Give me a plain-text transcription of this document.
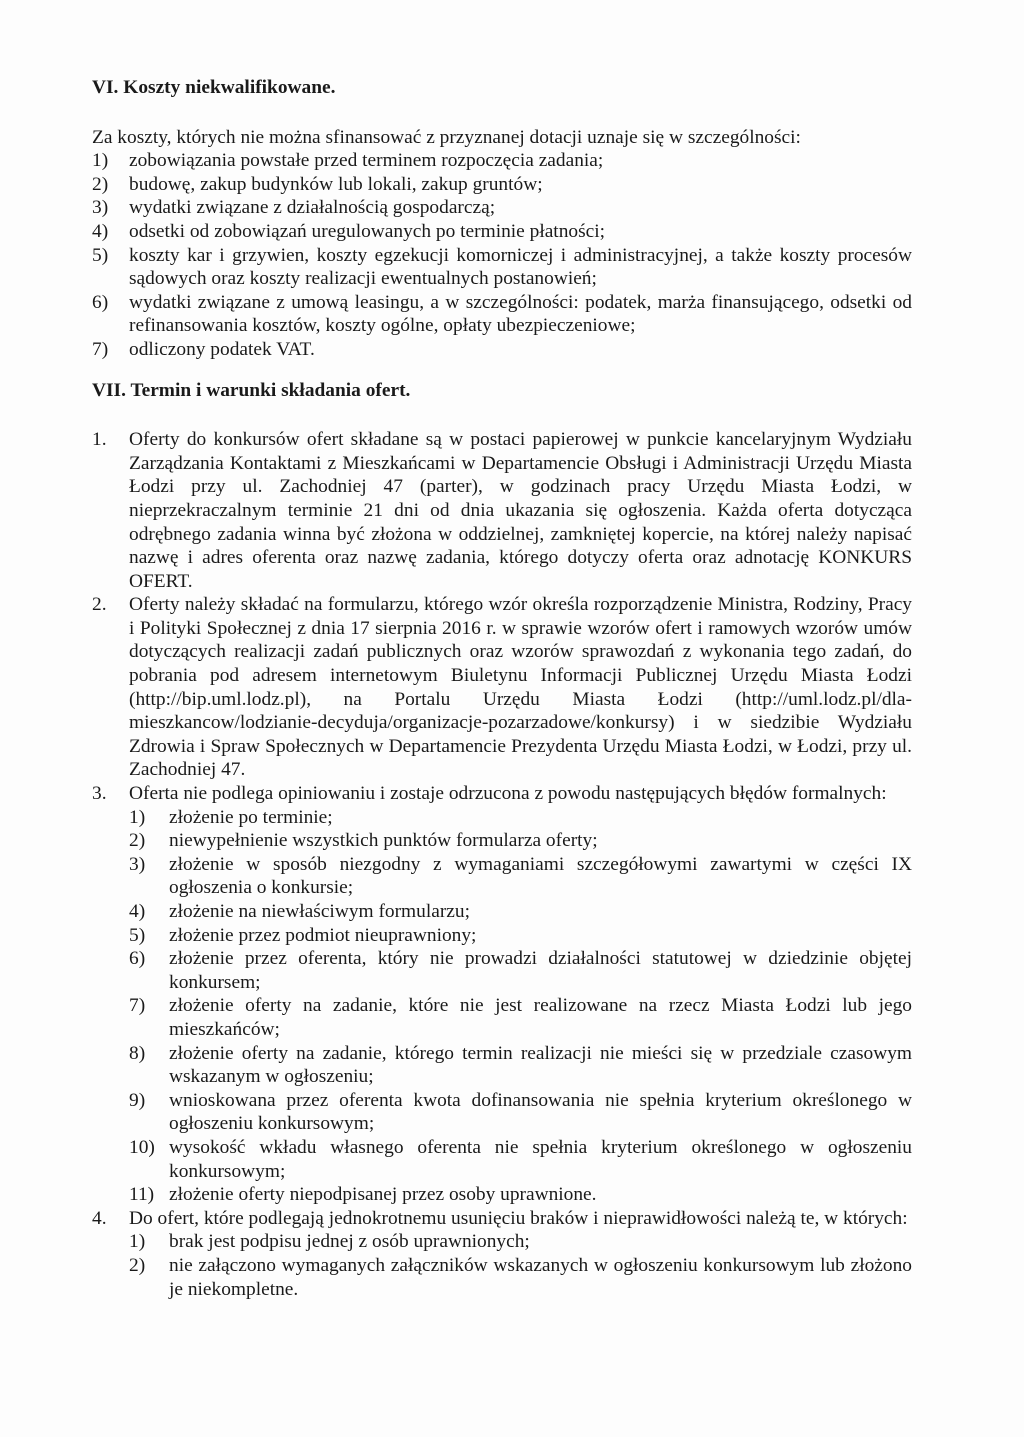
VI. Koszty niekwalifikowane.

Za koszty, których nie można sfinansować z przyznanej dotacji uznaje się w szczególności:

1) zobowiązania powstałe przed terminem rozpoczęcia zadania;
2) budowę, zakup budynków lub lokali, zakup gruntów;
3) wydatki związane z działalnością gospodarczą;
4) odsetki od zobowiązań uregulowanych po terminie płatności;
5) koszty kar i grzywien, koszty egzekucji komorniczej i administracyjnej, a także koszty procesów sądowych oraz koszty realizacji ewentualnych postanowień;
6) wydatki związane z umową leasingu, a w szczególności: podatek, marża finansującego, odsetki od refinansowania kosztów, koszty ogólne, opłaty ubezpieczeniowe;
7) odliczony podatek VAT.
VII. Termin i warunki składania ofert.
1. Oferty do konkursów ofert składane są w postaci papierowej w punkcie kancelaryjnym Wydziału Zarządzania Kontaktami z Mieszkańcami w Departamencie Obsługi i Administracji Urzędu Miasta Łodzi przy ul. Zachodniej 47 (parter), w godzinach pracy Urzędu Miasta Łodzi, w nieprzekraczalnym terminie 21 dni od dnia ukazania się ogłoszenia. Każda oferta dotycząca odrębnego zadania winna być złożona w oddzielnej, zamkniętej kopercie, na której należy napisać nazwę i adres oferenta oraz nazwę zadania, którego dotyczy oferta oraz adnotację KONKURS OFERT.
2. Oferty należy składać na formularzu, którego wzór określa rozporządzenie Ministra, Rodziny, Pracy i Polityki Społecznej z dnia 17 sierpnia 2016 r. w sprawie wzorów ofert i ramowych wzorów umów dotyczących realizacji zadań publicznych oraz wzorów sprawozdań z wykonania tego zadań, do pobrania pod adresem internetowym Biuletynu Informacji Publicznej Urzędu Miasta Łodzi (http://bip.uml.lodz.pl), na Portalu Urzędu Miasta Łodzi (http://uml.lodz.pl/dla-mieszkancow/lodzianie-decyduja/organizacje-pozarzadowe/konkursy) i w siedzibie Wydziału Zdrowia i Spraw Społecznych w Departamencie Prezydenta Urzędu Miasta Łodzi, w Łodzi, przy ul. Zachodniej 47.
3. Oferta nie podlega opiniowaniu i zostaje odrzucona z powodu następujących błędów formalnych:
1) złożenie po terminie;
2) niewypełnienie wszystkich punktów formularza oferty;
3) złożenie w sposób niezgodny z wymaganiami szczegółowymi zawartymi w części IX ogłoszenia o konkursie;
4) złożenie na niewłaściwym formularzu;
5) złożenie przez podmiot nieuprawniony;
6) złożenie przez oferenta, który nie prowadzi działalności statutowej w dziedzinie objętej konkursem;
7) złożenie oferty na zadanie, które nie jest realizowane na rzecz Miasta Łodzi lub jego mieszkańców;
8) złożenie oferty na zadanie, którego termin realizacji nie mieści się w przedziale czasowym wskazanym w ogłoszeniu;
9) wnioskowana przez oferenta kwota dofinansowania nie spełnia kryterium określonego w ogłoszeniu konkursowym;
10) wysokość wkładu własnego oferenta nie spełnia kryterium określonego w ogłoszeniu konkursowym;
11) złożenie oferty niepodpisanej przez osoby uprawnione.
4. Do ofert, które podlegają jednokrotnemu usunięciu braków i nieprawidłowości należą te, w których:
1) brak jest podpisu jednej z osób uprawnionych;
2) nie załączono wymaganych załączników wskazanych w ogłoszeniu konkursowym lub złożono je niekompletne.
